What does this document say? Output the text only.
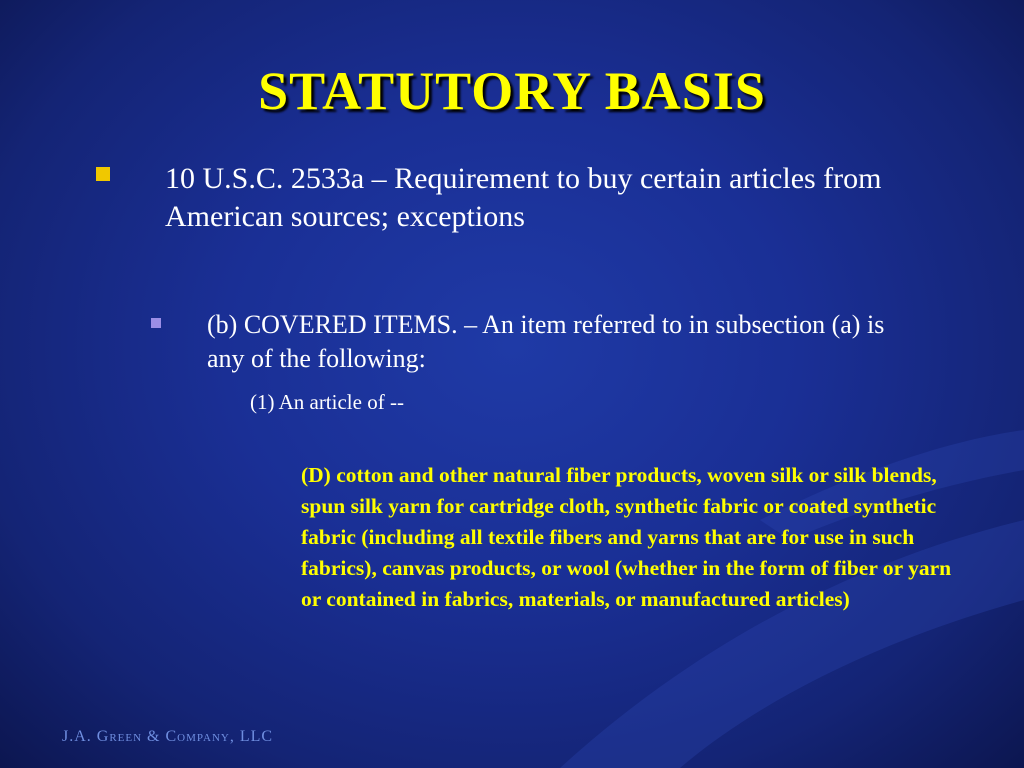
STATUTORY BASIS
10 U.S.C. 2533a – Requirement to buy certain articles from American sources; exceptions
(b) COVERED ITEMS. – An item referred to in subsection (a) is any of the following:
(1) An article of --
(D) cotton and other natural fiber products, woven silk or silk blends, spun silk yarn for cartridge cloth, synthetic fabric or coated synthetic fabric (including all textile fibers and yarns that are for use in such fabrics), canvas products, or wool (whether in the form of fiber or yarn or contained in fabrics, materials, or manufactured articles)
J.A. Green & Company, LLC
